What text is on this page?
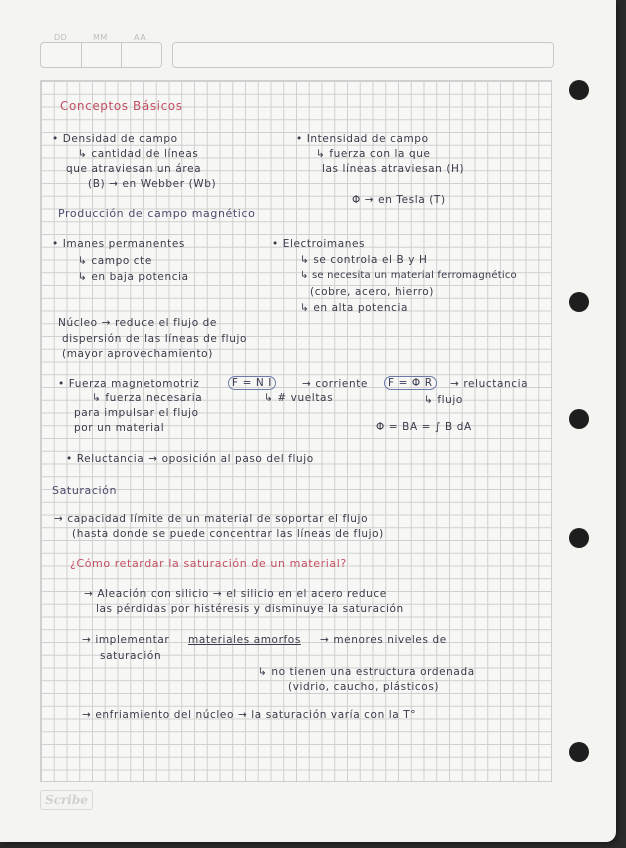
DD	MM	AA
Scribe
Conceptos Básicos
• Densidad de campo
↳ cantidad de líneas
que atraviesan un área
(B) → en Webber (Wb)
• Intensidad de campo
↳ fuerza con la que
las líneas atraviesan (H)
Φ → en Tesla (T)
Producción de campo magnético
• Imanes permanentes
↳ campo cte
↳ en baja potencia
• Electroimanes
↳ se controla el B y H
↳ se necesita un material ferromagnético
(cobre, acero, hierro)
↳ en alta potencia
Núcleo → reduce el flujo de
dispersión de las líneas de flujo
(mayor aprovechamiento)
• Fuerza magnetomotriz	F = N I	→ corriente
↳ # vueltas
↳ fuerza necesaria
para impulsar el flujo
por un material
F = Φ R	→ reluctancia
↳ flujo
Φ = BA = ∫ B dA
• Reluctancia → oposición al paso del flujo
Saturación
→ capacidad límite de un material de soportar el flujo
(hasta donde se puede concentrar las líneas de flujo)
¿Cómo retardar la saturación de un material?
→ Aleación con silicio → el silicio en el acero reduce
las pérdidas por histéresis y disminuye la saturación
→ implementar materiales amorfos → menores niveles de
saturación
↳ no tienen una estructura ordenada
(vidrio, caucho, plásticos)
→ enfriamiento del núcleo → la saturación varía con la T°
